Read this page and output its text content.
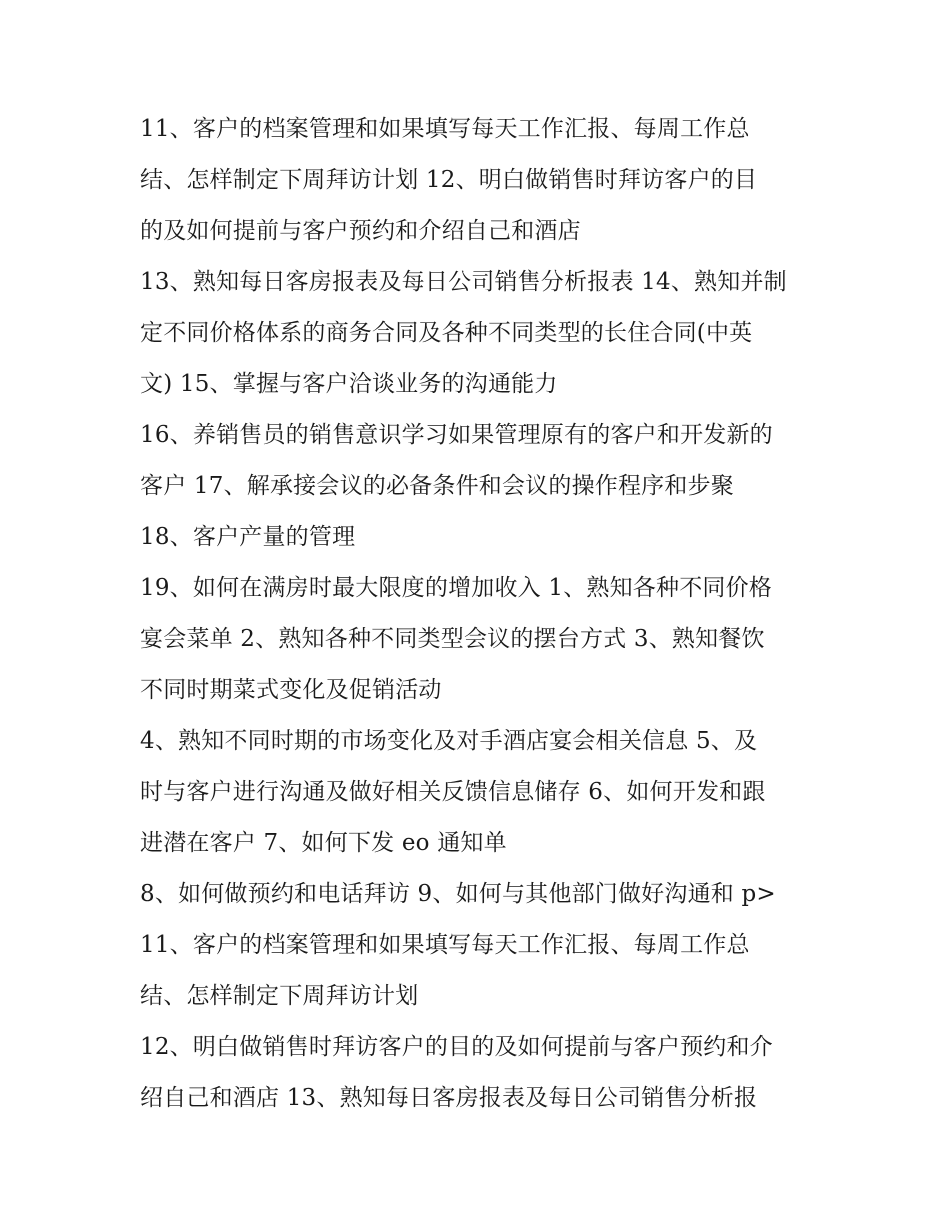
11、客户的档案管理和如果填写每天工作汇报、每周工作总
结、怎样制定下周拜访计划 12、明白做销售时拜访客户的目
的及如何提前与客户预约和介绍自己和酒店
13、熟知每日客房报表及每日公司销售分析报表 14、熟知并制
定不同价格体系的商务合同及各种不同类型的长住合同(中英
文) 15、掌握与客户洽谈业务的沟通能力
16、养销售员的销售意识学习如果管理原有的客户和开发新的
客户 17、解承接会议的必备条件和会议的操作程序和步聚
18、客户产量的管理
19、如何在满房时最大限度的增加收入 1、熟知各种不同价格
宴会菜单 2、熟知各种不同类型会议的摆台方式 3、熟知餐饮
不同时期菜式变化及促销活动
4、熟知不同时期的市场变化及对手酒店宴会相关信息 5、及
时与客户进行沟通及做好相关反馈信息储存 6、如何开发和跟
进潜在客户 7、如何下发 eo 通知单
8、如何做预约和电话拜访 9、如何与其他部门做好沟通和 p>
11、客户的档案管理和如果填写每天工作汇报、每周工作总
结、怎样制定下周拜访计划
12、明白做销售时拜访客户的目的及如何提前与客户预约和介
绍自己和酒店 13、熟知每日客房报表及每日公司销售分析报
